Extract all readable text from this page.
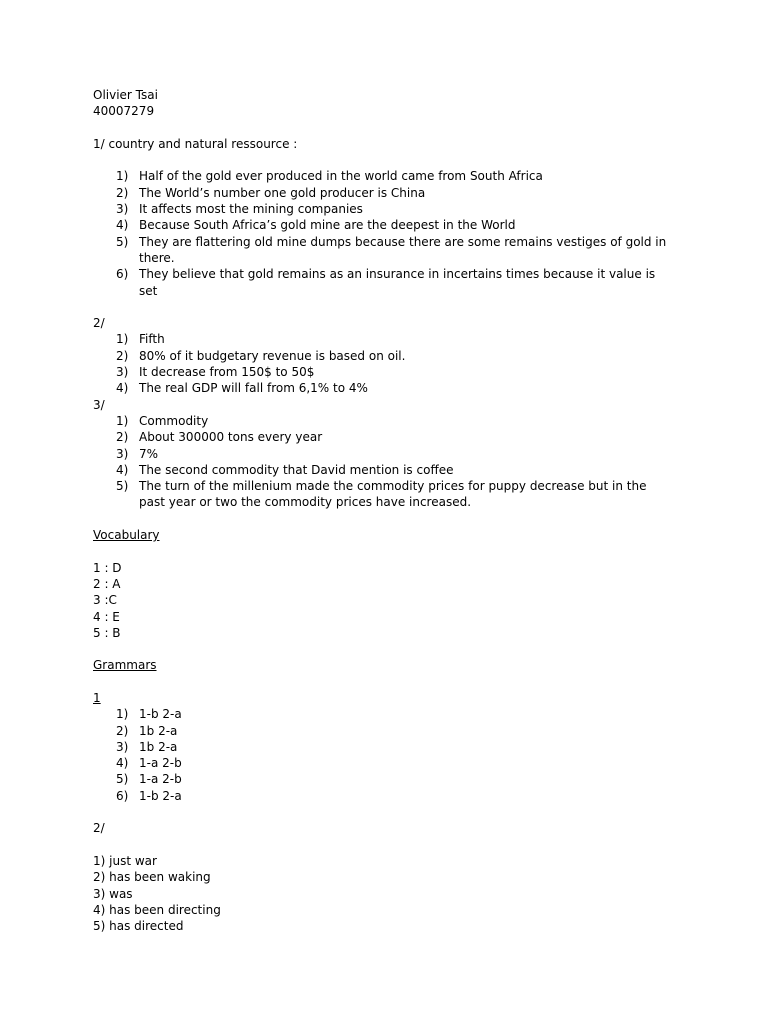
Olivier Tsai
40007279
1/ country and natural ressource :
1) Half of the gold ever produced in the world came from South Africa
2) The World’s number one gold producer is China
3) It affects most the mining companies
4) Because South Africa’s gold mine are the deepest in the World
5) They are flattering old mine dumps because there are some remains vestiges of gold in there.
6) They believe that gold remains as an insurance in incertains times because it value is set
2/
1) Fifth
2) 80% of it budgetary revenue is based on oil.
3) It decrease from 150$ to 50$
4) The real GDP will fall from 6,1% to 4%
3/
1) Commodity
2) About 300000 tons every year
3) 7%
4) The second commodity that David mention is coffee
5) The turn of the millenium made the commodity prices for puppy decrease but in the past year or two the commodity prices have increased.
Vocabulary
1 : D
2 : A
3 :C
4 : E
5 : B
Grammars
1
1) 1-b 2-a
2) 1b 2-a
3) 1b 2-a
4) 1-a 2-b
5) 1-a 2-b
6) 1-b 2-a
2/
1) just war
2) has been waking
3) was
4) has been directing
5) has directed
